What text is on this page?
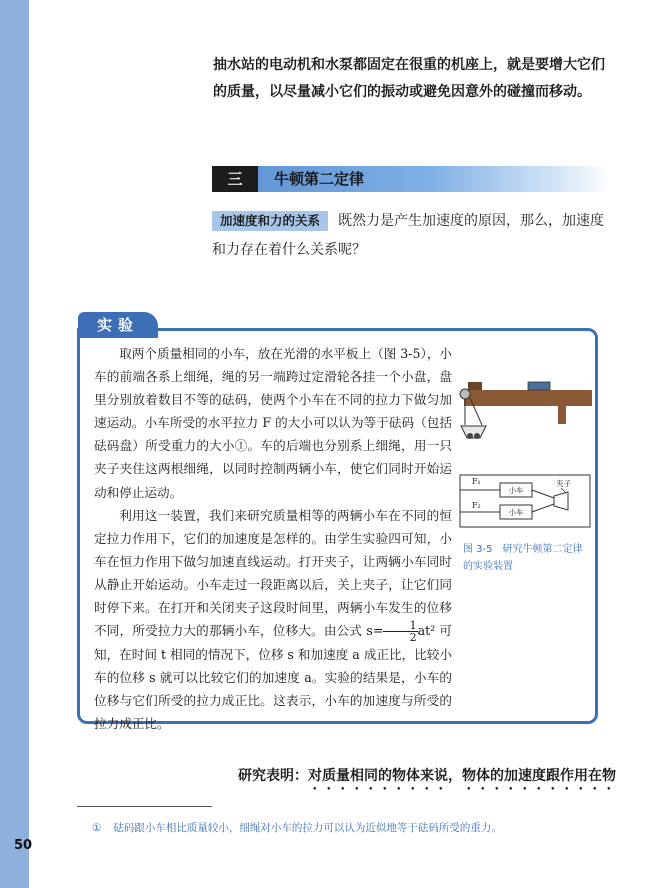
抽水站的电动机和水泵都固定在很重的机座上，就是要增大它们的质量，以尽量减小它们的振动或避免因意外的碰撞而移动。
三	牛顿第二定律
加速度和力的关系 既然力是产生加速度的原因，那么，加速度和力存在着什么关系呢？
实验

取两个质量相同的小车，放在光滑的水平板上（图 3-5），小车的前端各系上细绳，绳的另一端跨过定滑轮各挂一个小盘，盘里分别放着数目不等的砝码，使两个小车在不同的拉力下做匀加速运动。小车所受的水平拉力 F 的大小可以认为等于砝码（包括砝码盘）所受重力的大小①。车的后端也分别系上细绳，用一只夹子夹住这两根细绳，以同时控制两辆小车，使它们同时开始运动和停止运动。

利用这一装置，我们来研究质量相等的两辆小车在不同的恒定拉力作用下，它们的加速度是怎样的。由学生实验四可知，小车在恒力作用下做匀加速直线运动。打开夹子，让两辆小车同时从静止开始运动。小车走过一段距离以后，关上夹子，让它们同时停下来。在打开和关闭夹子这段时间里，两辆小车发生的位移不同，所受拉力大的那辆小车，位移大。由公式 $s= \frac{1}{2} at^2$ 可知，在时间 t 相同的情况下，位移 s 和加速度 a 成正比，比较小车的位移 s 就可以比较它们的加速度 a。实验的结果是，小车的位移与它们所受的拉力成正比。这表示，小车的加速度与所受的拉力成正比。

F₁
F₂
小车
小车
夹子
图 3-5　研究牛顿第二定律的实验装置
研究表明：对质量相同的物体来说，物体的加速度跟作用在物
① 砝码跟小车相比质量较小，细绳对小车的拉力可以认为近似地等于砝码所受的重力。
50
